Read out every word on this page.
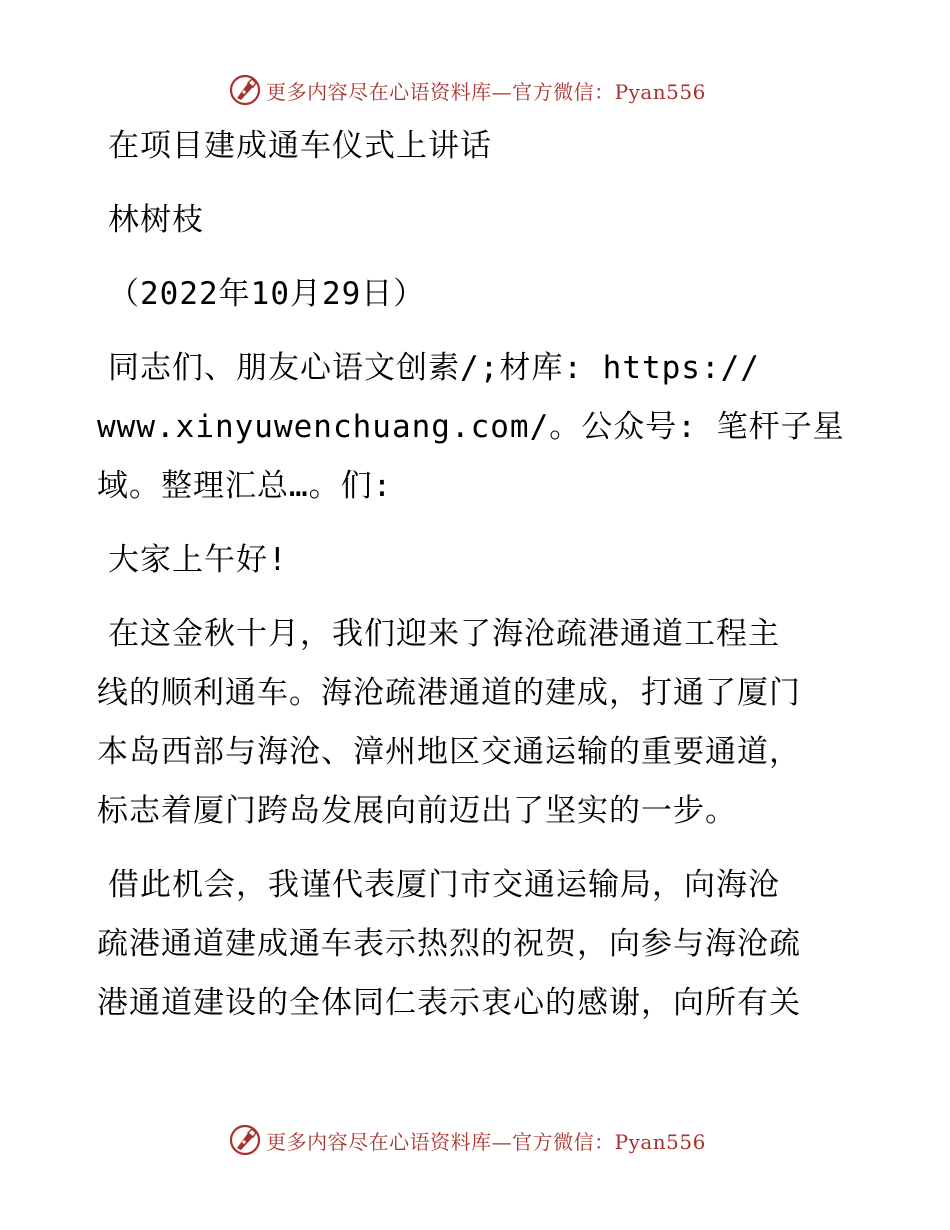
更多内容尽在心语资料库—官方微信：Pyan556
在项目建成通车仪式上讲话
林树枝
（2022年10月29日）
同志们、朋友心语文创素/;材库: https://
www.xinyuwenchuang.com/。公众号: 笔杆子星
域。整理汇总…。们:
大家上午好!
在这金秋十月，我们迎来了海沧疏港通道工程主
线的顺利通车。海沧疏港通道的建成，打通了厦门
本岛西部与海沧、漳州地区交通运输的重要通道，
标志着厦门跨岛发展向前迈出了坚实的一步。
借此机会，我谨代表厦门市交通运输局，向海沧
疏港通道建成通车表示热烈的祝贺，向参与海沧疏
港通道建设的全体同仁表示衷心的感谢，向所有关
更多内容尽在心语资料库—官方微信：Pyan556
